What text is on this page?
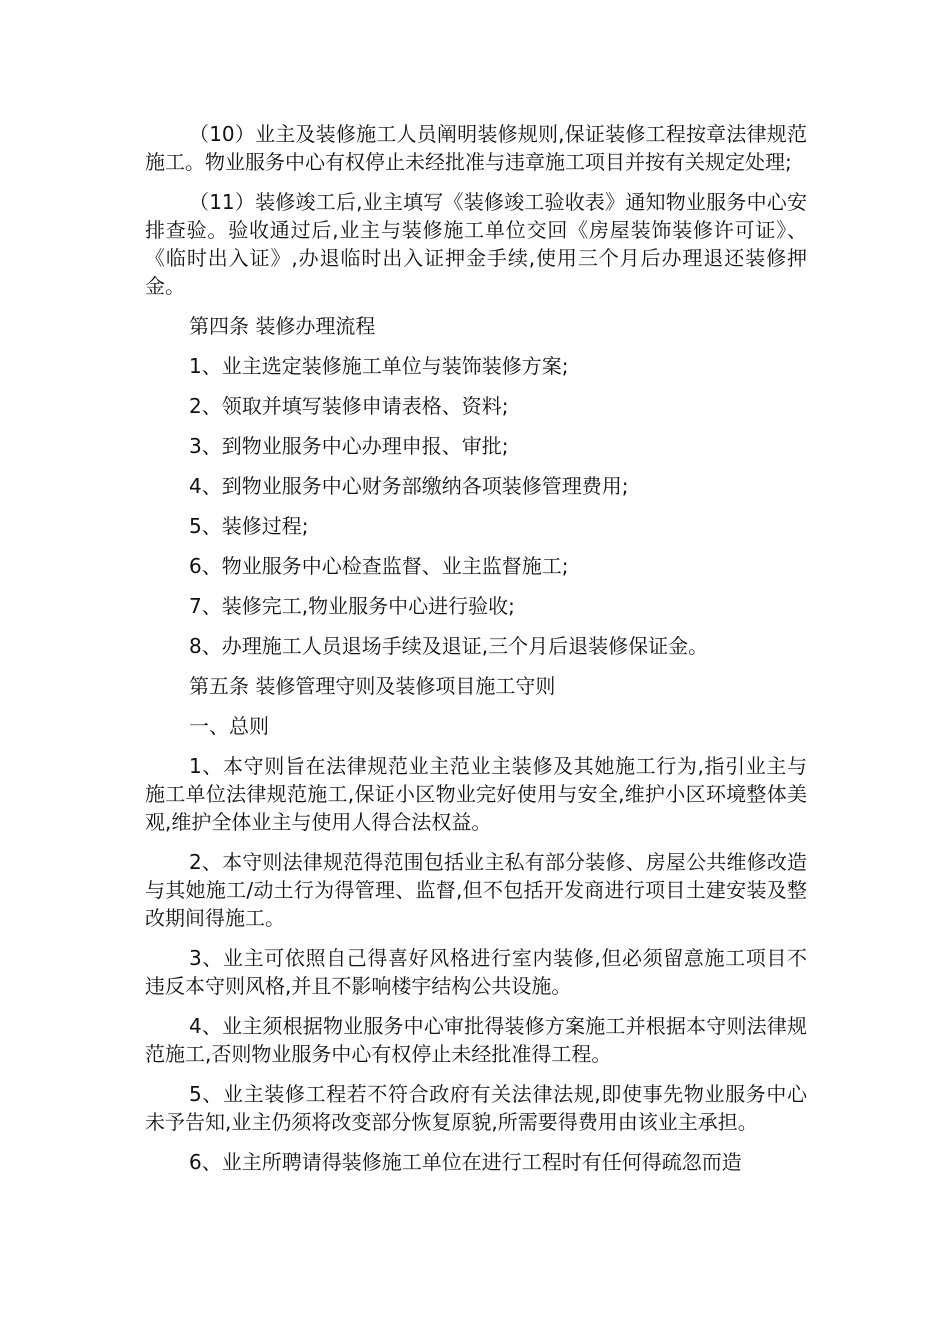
（10）业主及装修施工人员阐明装修规则,保证装修工程按章法律规范施工。物业服务中心有权停止未经批准与违章施工项目并按有关规定处理;

（11）装修竣工后,业主填写《装修竣工验收表》通知物业服务中心安排查验。验收通过后,业主与装修施工单位交回《房屋装饰装修许可证》、《临时出入证》,办退临时出入证押金手续,使用三个月后办理退还装修押金。

第四条 装修办理流程

1、业主选定装修施工单位与装饰装修方案;

2、领取并填写装修申请表格、资料;

3、到物业服务中心办理申报、审批;

4、到物业服务中心财务部缴纳各项装修管理费用;

5、装修过程;

6、物业服务中心检查监督、业主监督施工;

7、装修完工,物业服务中心进行验收;

8、办理施工人员退场手续及退证,三个月后退装修保证金。

第五条 装修管理守则及装修项目施工守则

一、总则

1、本守则旨在法律规范业主范业主装修及其她施工行为,指引业主与施工单位法律规范施工,保证小区物业完好使用与安全,维护小区环境整体美观,维护全体业主与使用人得合法权益。

2、本守则法律规范得范围包括业主私有部分装修、房屋公共维修改造与其她施工/动土行为得管理、监督,但不包括开发商进行项目土建安装及整改期间得施工。

3、业主可依照自己得喜好风格进行室内装修,但必须留意施工项目不违反本守则风格,并且不影响楼宇结构公共设施。

4、业主须根据物业服务中心审批得装修方案施工并根据本守则法律规范施工,否则物业服务中心有权停止未经批准得工程。

5、业主装修工程若不符合政府有关法律法规,即使事先物业服务中心未予告知,业主仍须将改变部分恢复原貌,所需要得费用由该业主承担。

6、业主所聘请得装修施工单位在进行工程时有任何得疏忽而造
